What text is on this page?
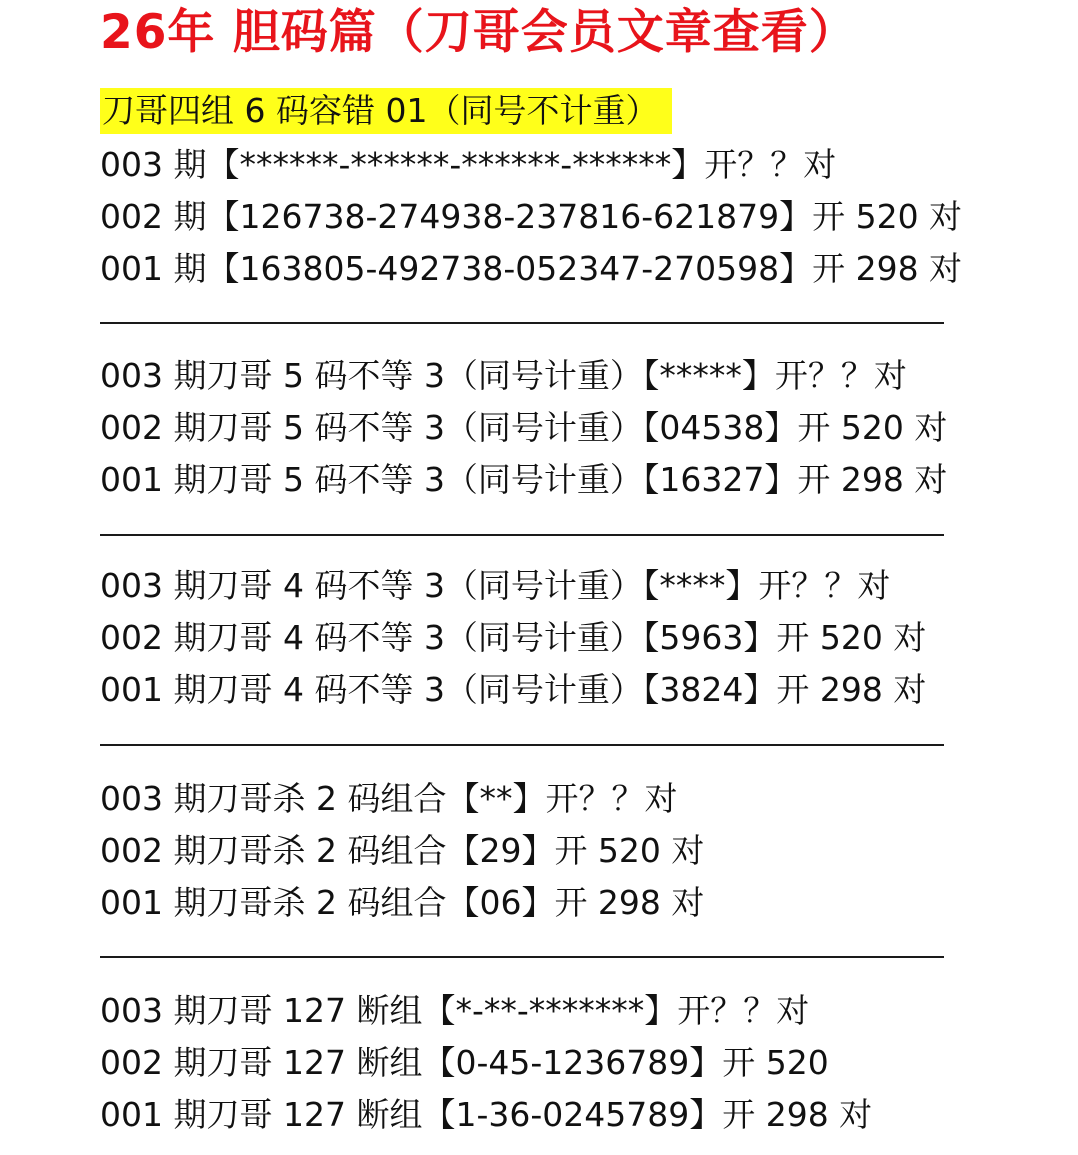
26年 胆码篇（刀哥会员文章查看）
刀哥四组 6 码容错 01（同号不计重）
003 期【******-******-******-******】开？？对
002 期【126738-274938-237816-621879】开 520 对
001 期【163805-492738-052347-270598】开 298 对
003 期刀哥 5 码不等 3（同号计重）【*****】开？？对
002 期刀哥 5 码不等 3（同号计重）【04538】开 520 对
001 期刀哥 5 码不等 3（同号计重）【16327】开 298 对
003 期刀哥 4 码不等 3（同号计重）【****】开？？对
002 期刀哥 4 码不等 3（同号计重）【5963】开 520 对
001 期刀哥 4 码不等 3（同号计重）【3824】开 298 对
003 期刀哥杀 2 码组合【**】开？？对
002 期刀哥杀 2 码组合【29】开 520 对
001 期刀哥杀 2 码组合【06】开 298 对
003 期刀哥 127 断组【*-**-*******】开？？对
002 期刀哥 127 断组【0-45-1236789】开 520
001 期刀哥 127 断组【1-36-0245789】开 298 对
